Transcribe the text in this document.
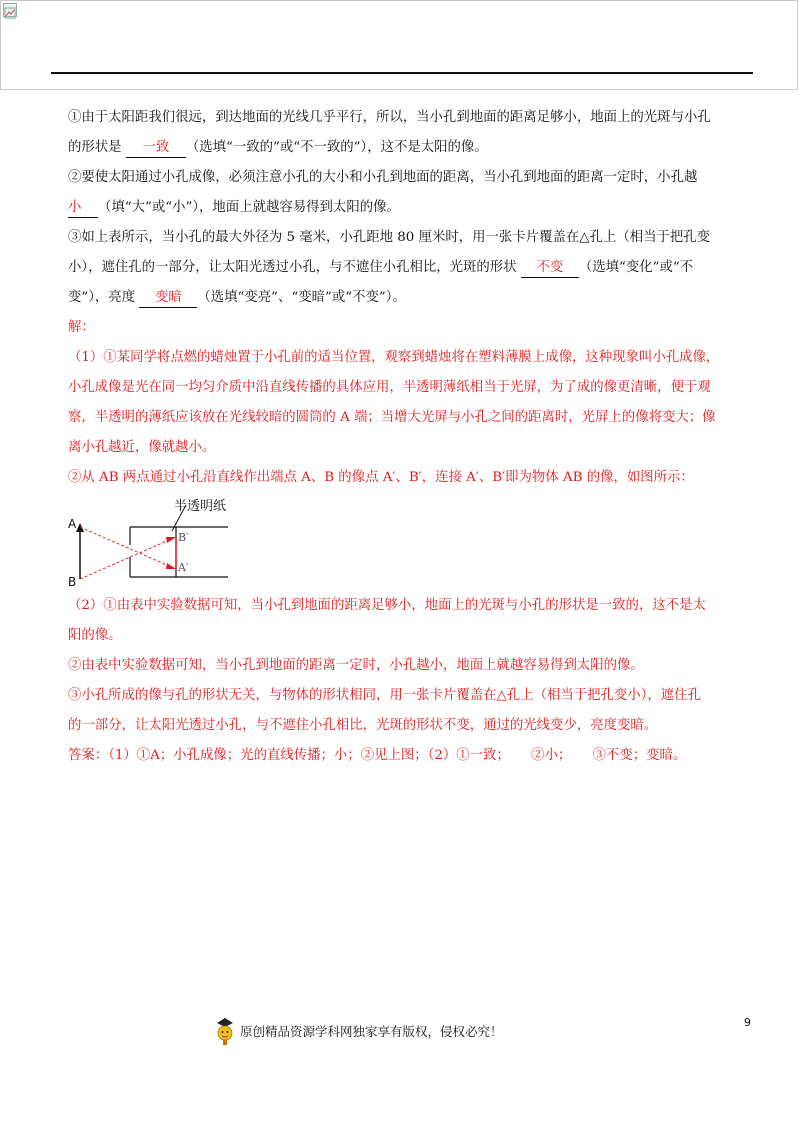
①由于太阳距我们很远，到达地面的光线几乎平行，所以，当小孔到地面的距离足够小，地面上的光斑与小孔

的形状是 一致 （选填“一致的”或“不一致的”），这不是太阳的像。

②要使太阳通过小孔成像，必须注意小孔的大小和小孔到地面的距离，当小孔到地面的距离一定时，小孔越

小 （填“大”或“小”），地面上就越容易得到太阳的像。

③如上表所示，当小孔的最大外径为 5 毫米，小孔距地 80 厘米时，用一张卡片覆盖在△孔上（相当于把孔变

小），遮住孔的一部分，让太阳光透过小孔，与不遮住小孔相比，光斑的形状 不变 （选填“变化”或“不

变”），亮度 变暗 （选填“变亮”、“变暗”或“不变”）。

解：

（1）①某同学将点燃的蜡烛置于小孔前的适当位置，观察到蜡烛将在塑料薄膜上成像，这种现象叫小孔成像，

小孔成像是光在同一均匀介质中沿直线传播的具体应用，半透明薄纸相当于光屏，为了成的像更清晰，便于观

察，半透明的薄纸应该放在光线较暗的圆筒的 A 端；当增大光屏与小孔之间的距离时，光屏上的像将变大；像

离小孔越近，像就越小。

②从 AB 两点通过小孔沿直线作出端点 A、B 的像点 A′、B′，连接 A′、B′即为物体 AB 的像，如图所示：

半透明纸
A
B
B′
A′

（2）①由表中实验数据可知，当小孔到地面的距离足够小，地面上的光斑与小孔的形状是一致的，这不是太

阳的像。

②由表中实验数据可知，当小孔到地面的距离一定时，小孔越小，地面上就越容易得到太阳的像。

③小孔所成的像与孔的形状无关，与物体的形状相同，用一张卡片覆盖在△孔上（相当于把孔变小），遮住孔

的一部分，让太阳光透过小孔，与不遮住小孔相比，光斑的形状不变，通过的光线变少，亮度变暗。

答案：（1）①A；小孔成像；光的直线传播；小；②见上图；（2）①一致；     ②小；     ③不变；变暗。

9
原创精品资源学科网独家享有版权，侵权必究！
